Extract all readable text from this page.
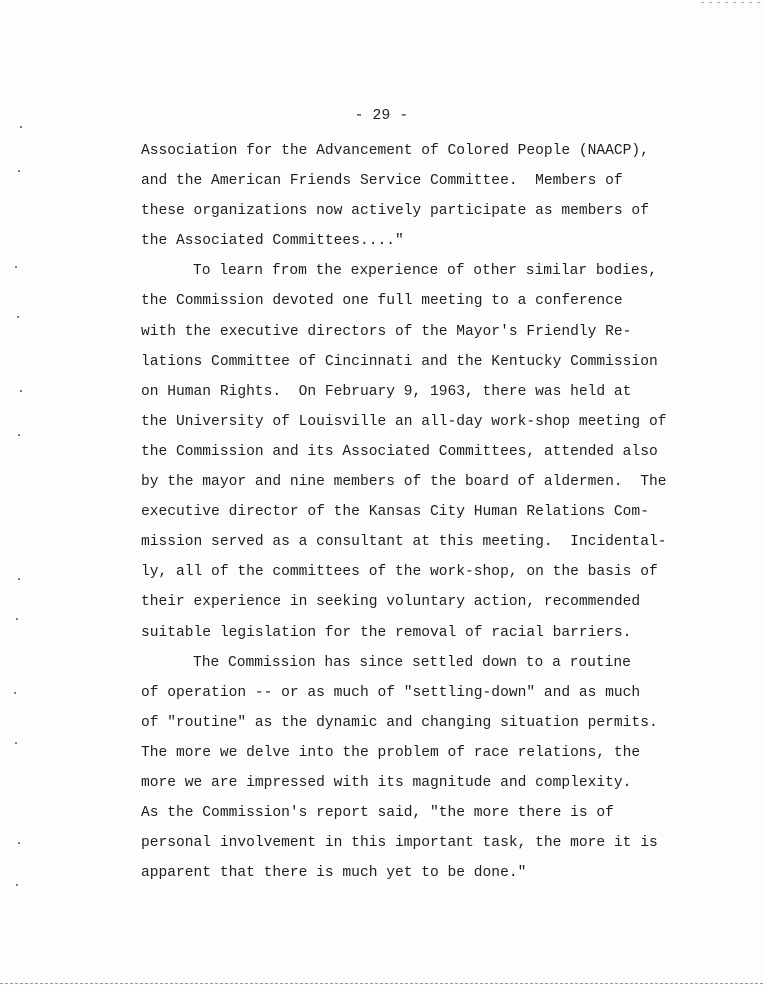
- 29 -
Association for the Advancement of Colored People (NAACP),
and the American Friends Service Committee.  Members of
these organizations now actively participate as members of
the Associated Committees...."
To learn from the experience of other similar bodies,
the Commission devoted one full meeting to a conference
with the executive directors of the Mayor's Friendly Re-
lations Committee of Cincinnati and the Kentucky Commission
on Human Rights.  On February 9, 1963, there was held at
the University of Louisville an all-day work-shop meeting of
the Commission and its Associated Committees, attended also
by the mayor and nine members of the board of aldermen.  The
executive director of the Kansas City Human Relations Com-
mission served as a consultant at this meeting.  Incidental-
ly, all of the committees of the work-shop, on the basis of
their experience in seeking voluntary action, recommended
suitable legislation for the removal of racial barriers.
The Commission has since settled down to a routine
of operation -- or as much of "settling-down" and as much
of "routine" as the dynamic and changing situation permits.
The more we delve into the problem of race relations, the
more we are impressed with its magnitude and complexity.
As the Commission's report said, "the more there is of
personal involvement in this important task, the more it is
apparent that there is much yet to be done."
